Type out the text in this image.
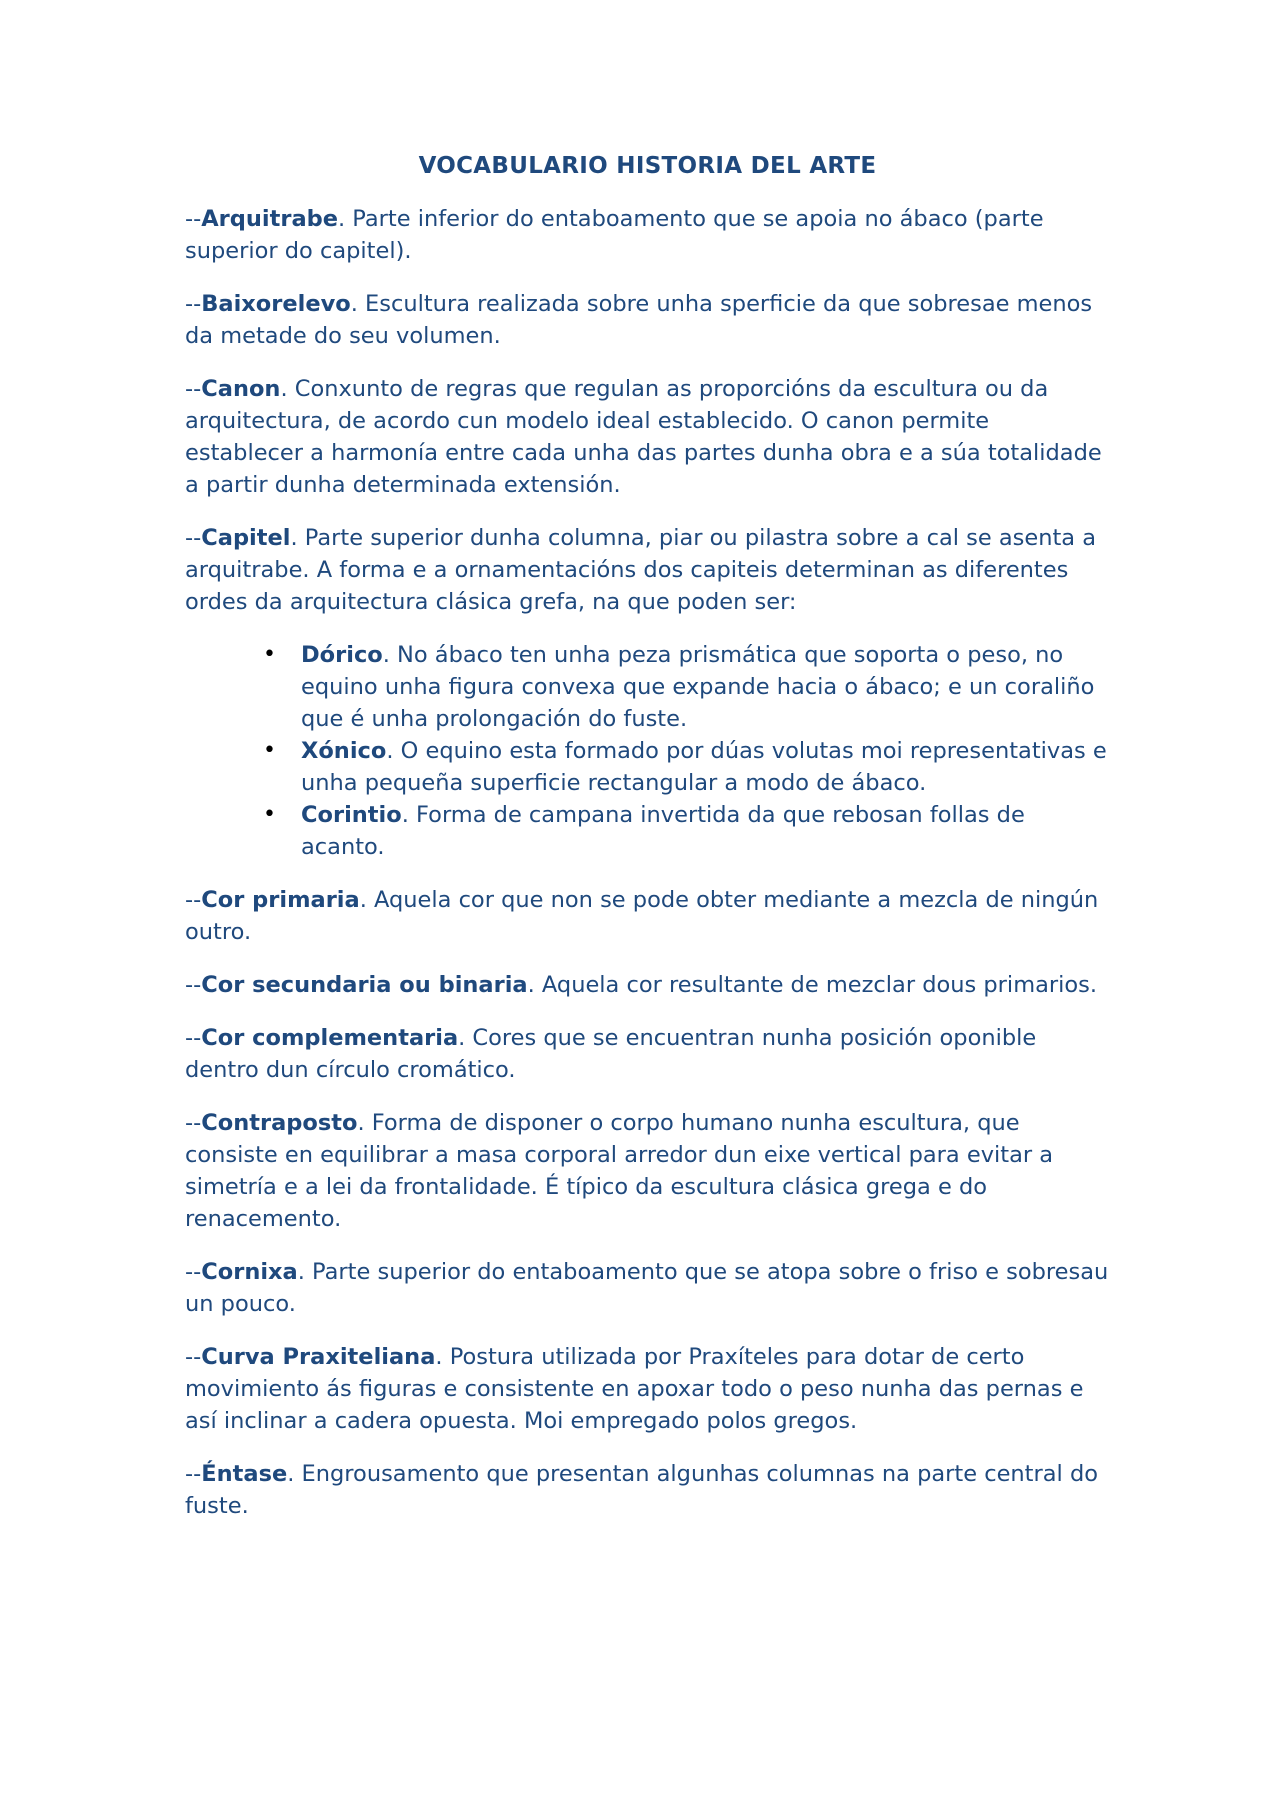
VOCABULARIO HISTORIA DEL ARTE

--Arquitrabe. Parte inferior do entaboamento que se apoia no ábaco (parte superior do capitel).

--Baixorelevo. Escultura realizada sobre unha sperficie da que sobresae menos da metade do seu volumen.

--Canon. Conxunto de regras que regulan as proporcións da escultura ou da arquitectura, de acordo cun modelo ideal establecido. O canon permite establecer a harmonía entre cada unha das partes dunha obra e a súa totalidade a partir dunha determinada extensión.

--Capitel. Parte superior dunha columna, piar ou pilastra sobre a cal se asenta a arquitrabe. A forma e a ornamentacións dos capiteis determinan as diferentes ordes da arquitectura clásica grefa, na que poden ser:

• Dórico. No ábaco ten unha peza prismática que soporta o peso, no equino unha figura convexa que expande hacia o ábaco; e un coraliño que é unha prolongación do fuste.
• Xónico. O equino esta formado por dúas volutas moi representativas e unha pequeña superficie rectangular a modo de ábaco.
• Corintio. Forma de campana invertida da que rebosan follas de acanto.

--Cor primaria. Aquela cor que non se pode obter mediante a mezcla de ningún outro.

--Cor secundaria ou binaria. Aquela cor resultante de mezclar dous primarios.

--Cor complementaria. Cores que se encuentran nunha posición oponible dentro dun círculo cromático.

--Contraposto. Forma de disponer o corpo humano nunha escultura, que consiste en equilibrar a masa corporal arredor dun eixe vertical para evitar a simetría e a lei da frontalidade. É típico da escultura clásica grega e do renacemento.

--Cornixa. Parte superior do entaboamento que se atopa sobre o friso e sobresau un pouco.

--Curva Praxiteliana. Postura utilizada por Praxíteles para dotar de certo movimiento ás figuras e consistente en apoxar todo o peso nunha das pernas e así inclinar a cadera opuesta. Moi empregado polos gregos.

--Éntase. Engrousamento que presentan algunhas columnas na parte central do fuste.
